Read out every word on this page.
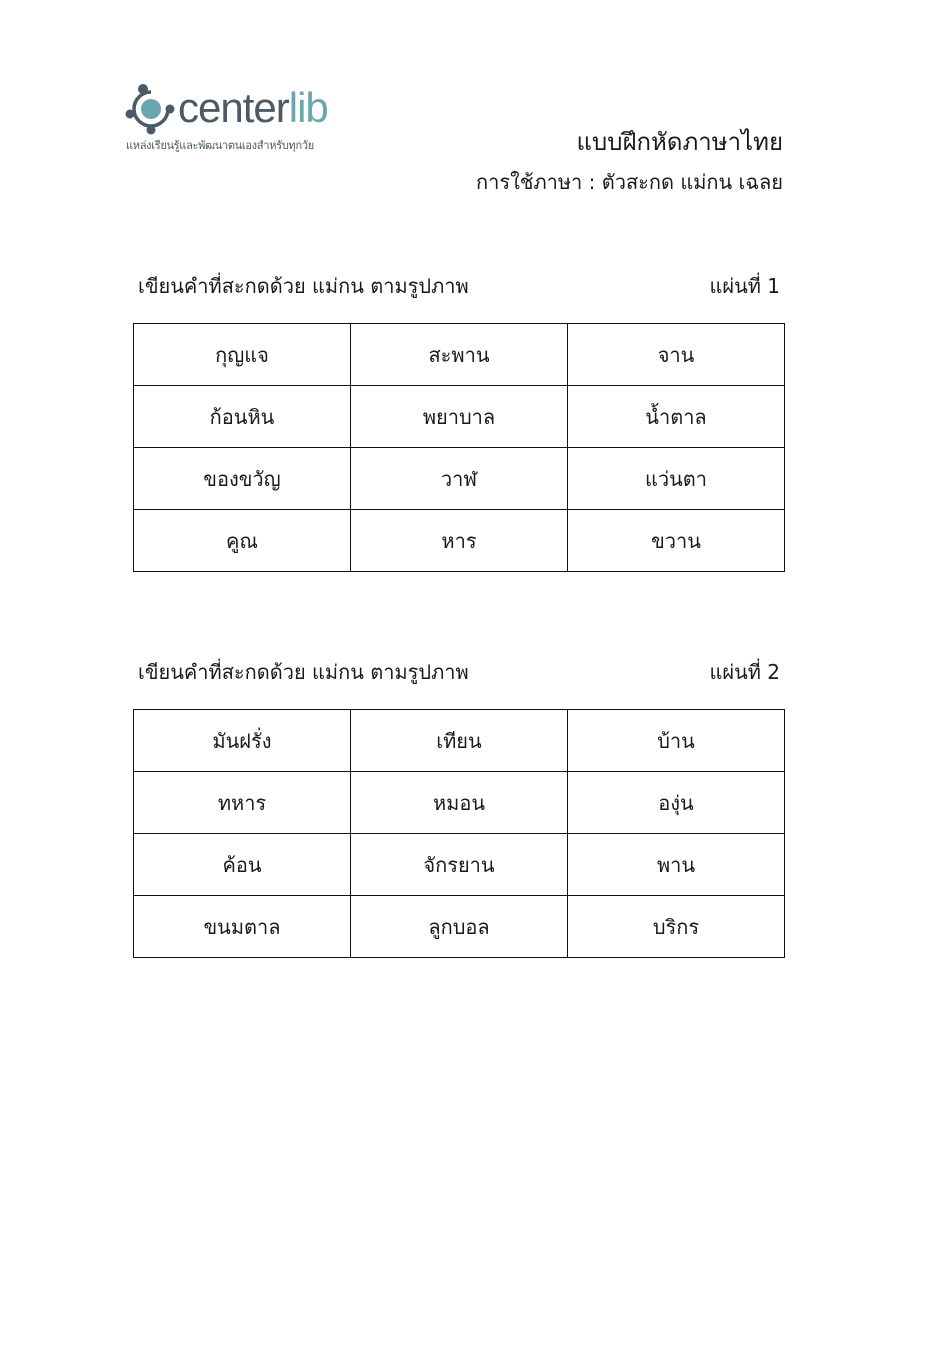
centerlib
แหล่งเรียนรู้และพัฒนาตนเองสำหรับทุกวัย	แบบฝึกหัดภาษาไทย
การใช้ภาษา : ตัวสะกด แม่กน เฉลย
เขียนคำที่สะกดด้วย แม่กน ตามรูปภาพ	แผ่นที่ 1
กุญแจ	สะพาน	จาน
ก้อนหิน	พยาบาล	น้ำตาล
ของขวัญ	วาฬ	แว่นตา
คูณ	หาร	ขวาน
เขียนคำที่สะกดด้วย แม่กน ตามรูปภาพ	แผ่นที่ 2
มันฝรั่ง	เทียน	บ้าน
ทหาร	หมอน	องุ่น
ค้อน	จักรยาน	พาน
ขนมตาล	ลูกบอล	บริกร
